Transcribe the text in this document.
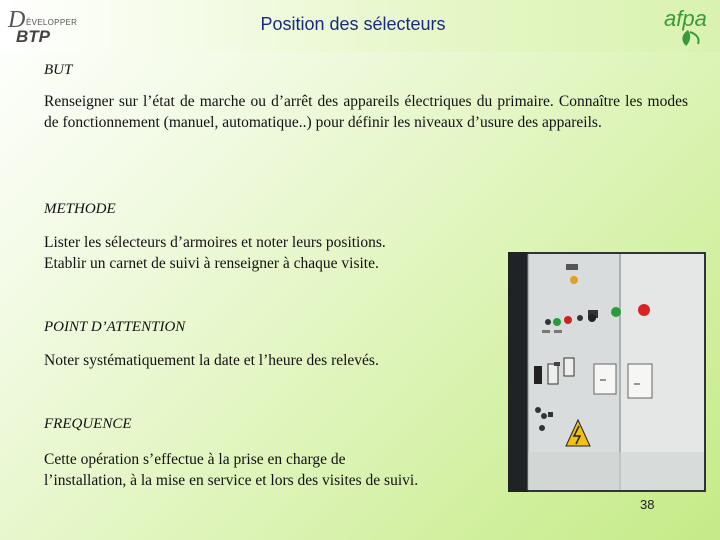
D ÉVELOPPER
BTP
Position des sélecteurs	afpa
BUT
Renseigner sur l’état de marche ou d’arrêt des appareils électriques du primaire. Connaître les modes de fonctionnement (manuel, automatique..) pour définir les niveaux d’usure des appareils.
METHODE
Lister les sélecteurs d’armoires et noter leurs positions.
Etablir un carnet de suivi à renseigner à chaque visite.
POINT D’ATTENTION
Noter systématiquement la date et l’heure des relevés.
FREQUENCE
Cette opération s’effectue à la prise en charge de
l’installation, à la mise en service et lors des visites de suivi.
38
